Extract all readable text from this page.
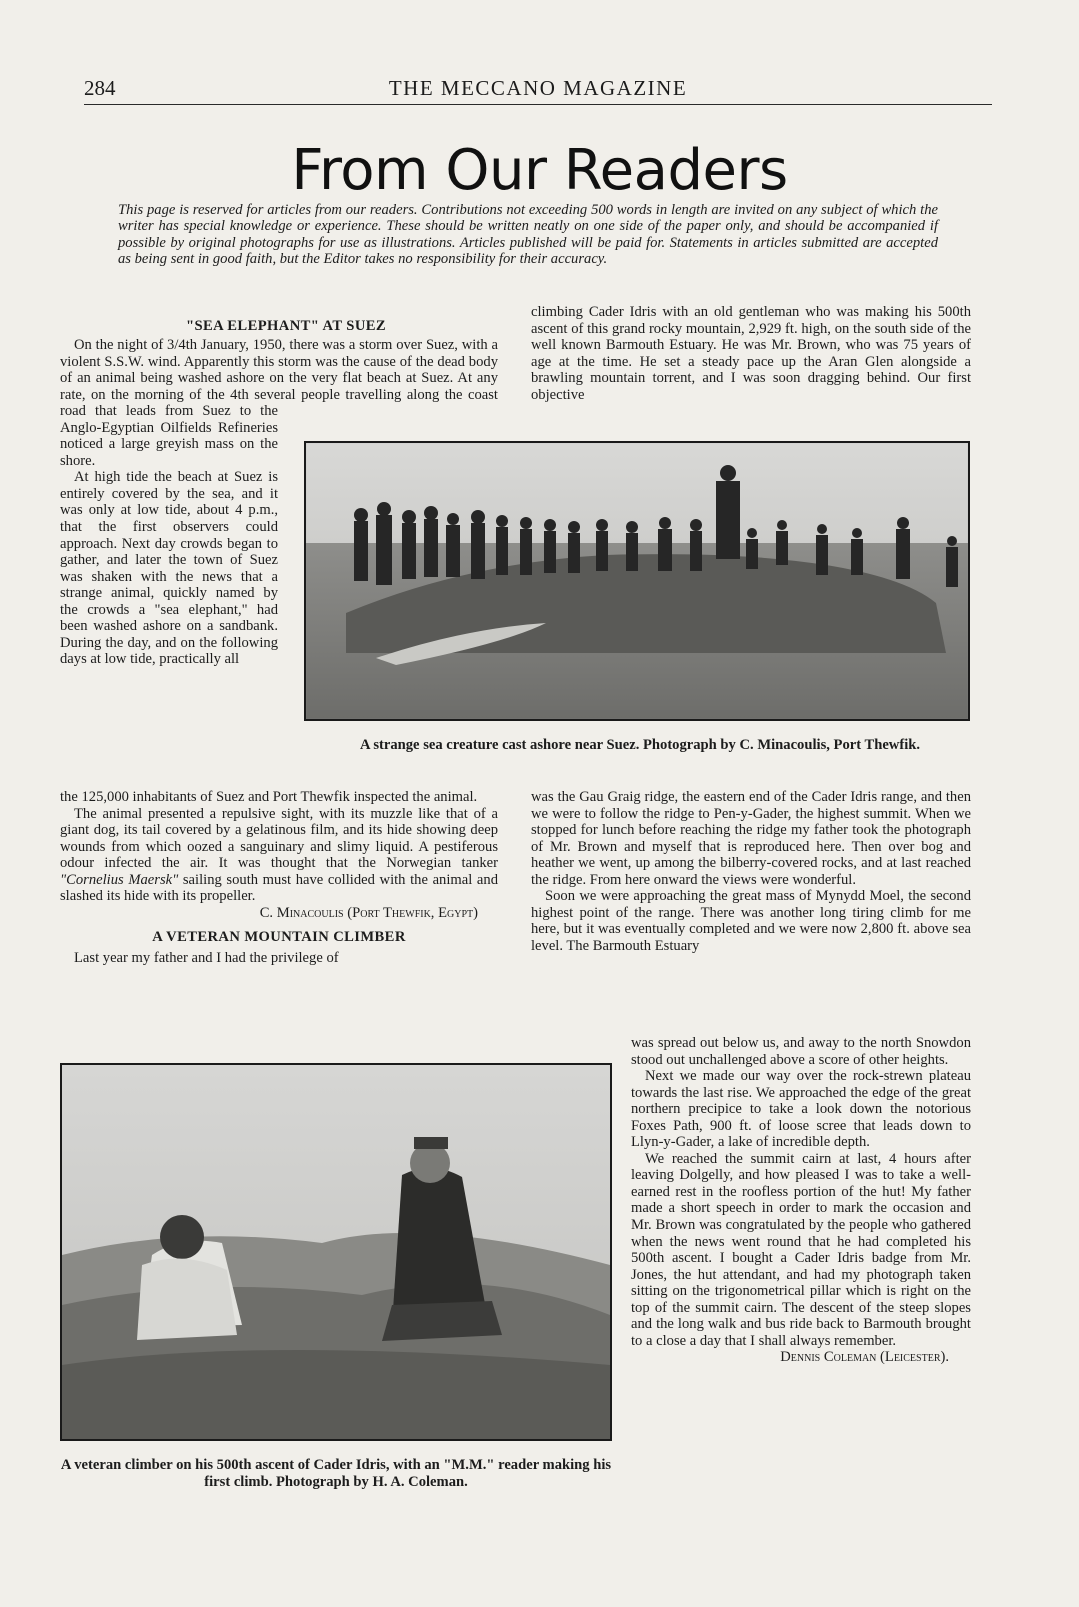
284	THE MECCANO MAGAZINE
From Our Readers
This page is reserved for articles from our readers. Contributions not exceeding 500 words in length are invited on any subject of which the writer has special knowledge or experience. These should be written neatly on one side of the paper only, and should be accompanied if possible by original photographs for use as illustrations. Articles published will be paid for. Statements in articles submitted are accepted as being sent in good faith, but the Editor takes no responsibility for their accuracy.

"SEA ELEPHANT" AT SUEZ

On the night of 3/4th January, 1950, there was a storm over Suez, with a violent S.S.W. wind. Apparently this storm was the cause of the dead body of an animal being washed ashore on the very flat beach at Suez. At any rate, on the morning of the 4th several people travelling along the coast road that leads from Suez to the Anglo-Egyptian Oilfields Refineries noticed a large greyish mass on the shore.

At high tide the beach at Suez is entirely covered by the sea, and it was only at low tide, about 4 p.m., that the first observers could approach. Next day crowds began to gather, and later the town of Suez was shaken with the news that a strange animal, quickly named by the crowds a "sea elephant," had been washed ashore on a sandbank. During the day, and on the following days at low tide, practically all

the 125,000 inhabitants of Suez and Port Thewfik inspected the animal.

The animal presented a repulsive sight, with its muzzle like that of a giant dog, its tail covered by a gelatinous film, and its hide showing deep wounds from which oozed a sanguinary and slimy liquid. A pestiferous odour infected the air. It was thought that the Norwegian tanker "Cornelius Maersk" sailing south must have collided with the animal and slashed its hide with its propeller.

C. Minacoulis (Port Thewfik, Egypt)

A VETERAN MOUNTAIN CLIMBER

Last year my father and I had the privilege of

climbing Cader Idris with an old gentleman who was making his 500th ascent of this grand rocky mountain, 2,929 ft. high, on the south side of the well known Barmouth Estuary. He was Mr. Brown, who was 75 years of age at the time. He set a steady pace up the Aran Glen alongside a brawling mountain torrent, and I was soon dragging behind. Our first objective
A strange sea creature cast ashore near Suez. Photograph by C. Minacoulis, Port Thewfik.

was the Gau Graig ridge, the eastern end of the Cader Idris range, and then we were to follow the ridge to Pen-y-Gader, the highest summit. When we stopped for lunch before reaching the ridge my father took the photograph of Mr. Brown and myself that is reproduced here. Then over bog and heather we went, up among the bilberry-covered rocks, and at last reached the ridge. From here onward the views were wonderful.

Soon we were approaching the great mass of Mynydd Moel, the second highest point of the range. There was another long tiring climb for me here, but it was eventually completed and we were now 2,800 ft. above sea level. The Barmouth Estuary

was spread out below us, and away to the north Snowdon stood out unchallenged above a score of other heights.

Next we made our way over the rock-strewn plateau towards the last rise. We approached the edge of the great northern precipice to take a look down the notorious Foxes Path, 900 ft. of loose scree that leads down to Llyn-y-Gader, a lake of incredible depth.

We reached the summit cairn at last, 4 hours after leaving Dolgelly, and how pleased I was to take a well-earned rest in the roofless portion of the hut! My father made a short speech in order to mark the occasion and Mr. Brown was congratulated by the people who gathered when the news went round that he had completed his 500th ascent. I bought a Cader Idris badge from Mr. Jones, the hut attendant, and had my photograph taken sitting on the trigonometrical pillar which is right on the top of the summit cairn. The descent of the steep slopes and the long walk and bus ride back to Barmouth brought to a close a day that I shall always remember.

Dennis Coleman (Leicester).

A veteran climber on his 500th ascent of Cader Idris, with an "M.M." reader making his first climb. Photograph by H. A. Coleman.
